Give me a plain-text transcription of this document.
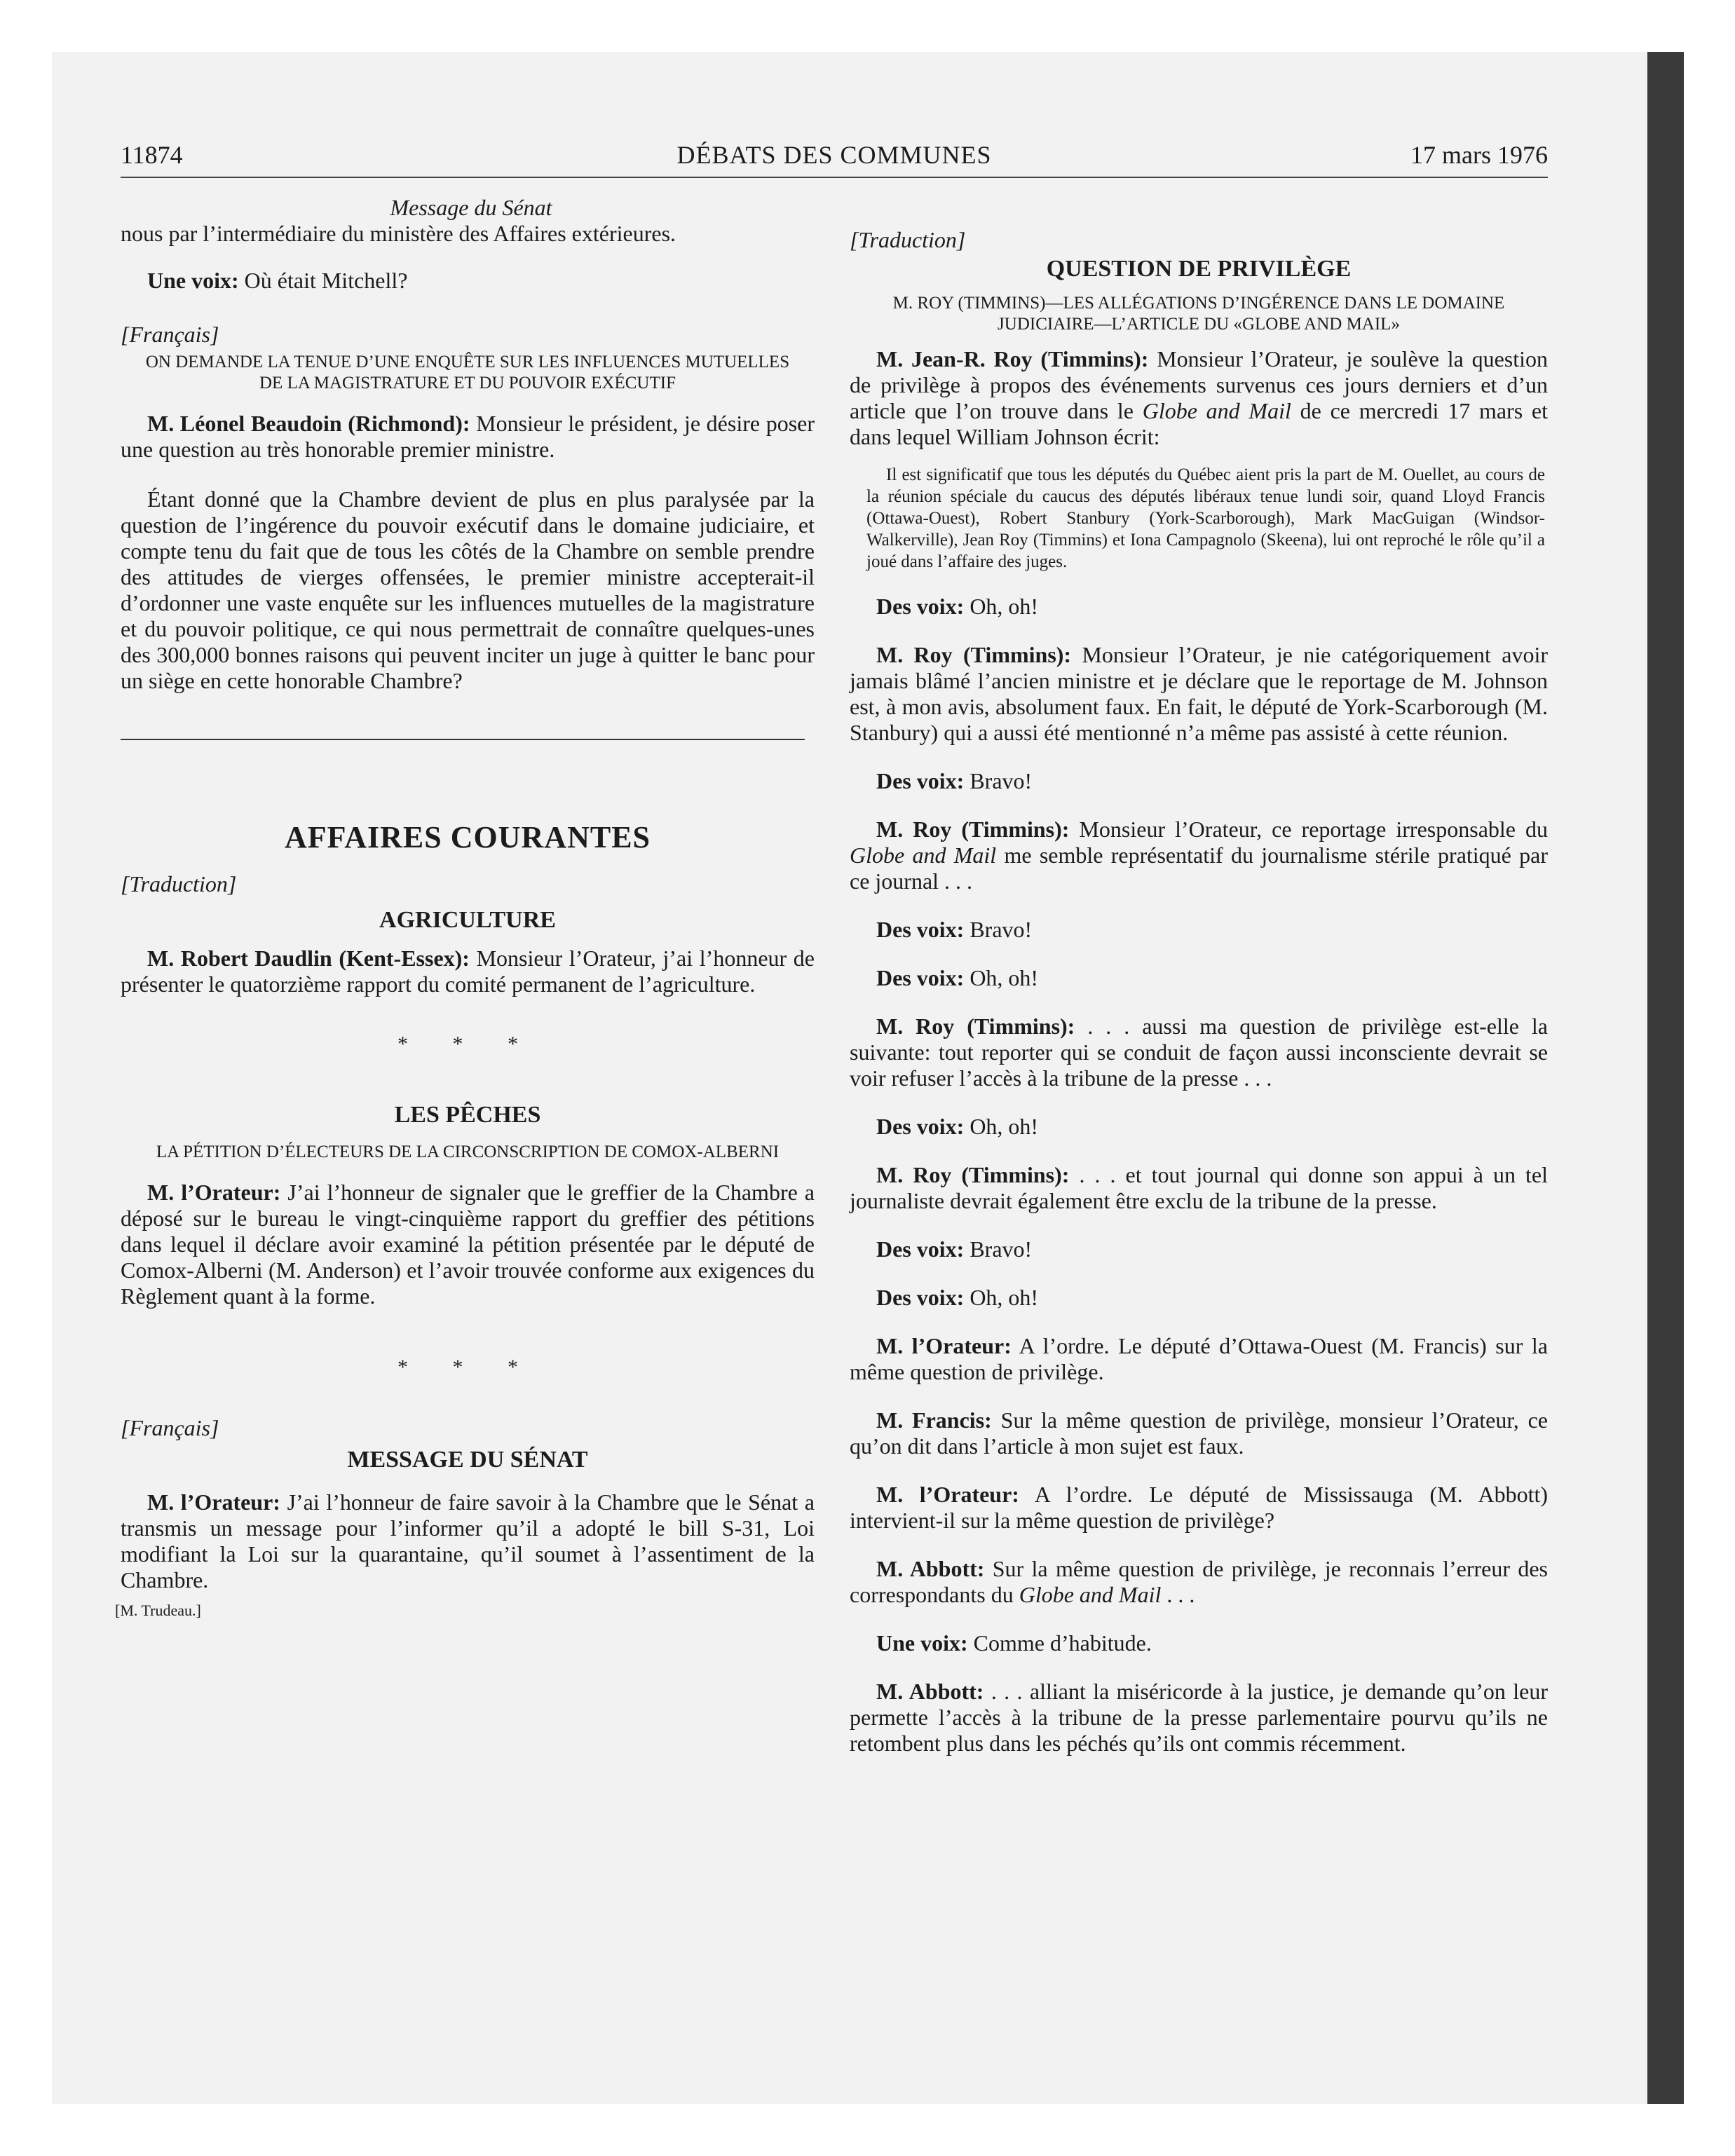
11874	DÉBATS DES COMMUNES	17 mars 1976

Message du Sénat

nous par l’intermédiaire du ministère des Affaires extérieures.

Une voix: Où était Mitchell?

[Français]

ON DEMANDE LA TENUE D’UNE ENQUÊTE SUR LES INFLUENCES MUTUELLES DE LA MAGISTRATURE ET DU POUVOIR EXÉCUTIF

M. Léonel Beaudoin (Richmond): Monsieur le président, je désire poser une question au très honorable premier ministre.

Étant donné que la Chambre devient de plus en plus paralysée par la question de l’ingérence du pouvoir exécutif dans le domaine judiciaire, et compte tenu du fait que de tous les côtés de la Chambre on semble prendre des attitudes de vierges offensées, le premier ministre accepterait-il d’ordonner une vaste enquête sur les influences mutuelles de la magistrature et du pouvoir politique, ce qui nous permettrait de connaître quelques-unes des 300,000 bonnes raisons qui peuvent inciter un juge à quitter le banc pour un siège en cette honorable Chambre?

AFFAIRES COURANTES

[Traduction]

AGRICULTURE

M. Robert Daudlin (Kent-Essex): Monsieur l’Orateur, j’ai l’honneur de présenter le quatorzième rapport du comité permanent de l’agriculture.

* * *

LES PÊCHES

LA PÉTITION D’ÉLECTEURS DE LA CIRCONSCRIPTION DE COMOX-ALBERNI

M. l’Orateur: J’ai l’honneur de signaler que le greffier de la Chambre a déposé sur le bureau le vingt-cinquième rapport du greffier des pétitions dans lequel il déclare avoir examiné la pétition présentée par le député de Comox-Alberni (M. Anderson) et l’avoir trouvée conforme aux exigences du Règlement quant à la forme.

* * *

[Français]

MESSAGE DU SÉNAT

M. l’Orateur: J’ai l’honneur de faire savoir à la Chambre que le Sénat a transmis un message pour l’informer qu’il a adopté le bill S-31, Loi modifiant la Loi sur la quarantaine, qu’il soumet à l’assentiment de la Chambre.

[M. Trudeau.]

[Traduction]

QUESTION DE PRIVILÈGE

M. ROY (TIMMINS)—LES ALLÉGATIONS D’INGÉRENCE DANS LE DOMAINE JUDICIAIRE—L’ARTICLE DU «GLOBE AND MAIL»

M. Jean-R. Roy (Timmins): Monsieur l’Orateur, je soulève la question de privilège à propos des événements survenus ces jours derniers et d’un article que l’on trouve dans le Globe and Mail de ce mercredi 17 mars et dans lequel William Johnson écrit:

Il est significatif que tous les députés du Québec aient pris la part de M. Ouellet, au cours de la réunion spéciale du caucus des députés libéraux tenue lundi soir, quand Lloyd Francis (Ottawa-Ouest), Robert Stanbury (York-Scarborough), Mark MacGuigan (Windsor-Walkerville), Jean Roy (Timmins) et Iona Campagnolo (Skeena), lui ont reproché le rôle qu’il a joué dans l’affaire des juges.

Des voix: Oh, oh!

M. Roy (Timmins): Monsieur l’Orateur, je nie catégoriquement avoir jamais blâmé l’ancien ministre et je déclare que le reportage de M. Johnson est, à mon avis, absolument faux. En fait, le député de York-Scarborough (M. Stanbury) qui a aussi été mentionné n’a même pas assisté à cette réunion.

Des voix: Bravo!

M. Roy (Timmins): Monsieur l’Orateur, ce reportage irresponsable du Globe and Mail me semble représentatif du journalisme stérile pratiqué par ce journal . . .

Des voix: Bravo!

Des voix: Oh, oh!

M. Roy (Timmins): . . . aussi ma question de privilège est-elle la suivante: tout reporter qui se conduit de façon aussi inconsciente devrait se voir refuser l’accès à la tribune de la presse . . .

Des voix: Oh, oh!

M. Roy (Timmins): . . . et tout journal qui donne son appui à un tel journaliste devrait également être exclu de la tribune de la presse.

Des voix: Bravo!

Des voix: Oh, oh!

M. l’Orateur: A l’ordre. Le député d’Ottawa-Ouest (M. Francis) sur la même question de privilège.

M. Francis: Sur la même question de privilège, monsieur l’Orateur, ce qu’on dit dans l’article à mon sujet est faux.

M. l’Orateur: A l’ordre. Le député de Mississauga (M. Abbott) intervient-il sur la même question de privilège?

M. Abbott: Sur la même question de privilège, je reconnais l’erreur des correspondants du Globe and Mail . . .

Une voix: Comme d’habitude.

M. Abbott: . . . alliant la miséricorde à la justice, je demande qu’on leur permette l’accès à la tribune de la presse parlementaire pourvu qu’ils ne retombent plus dans les péchés qu’ils ont commis récemment.
